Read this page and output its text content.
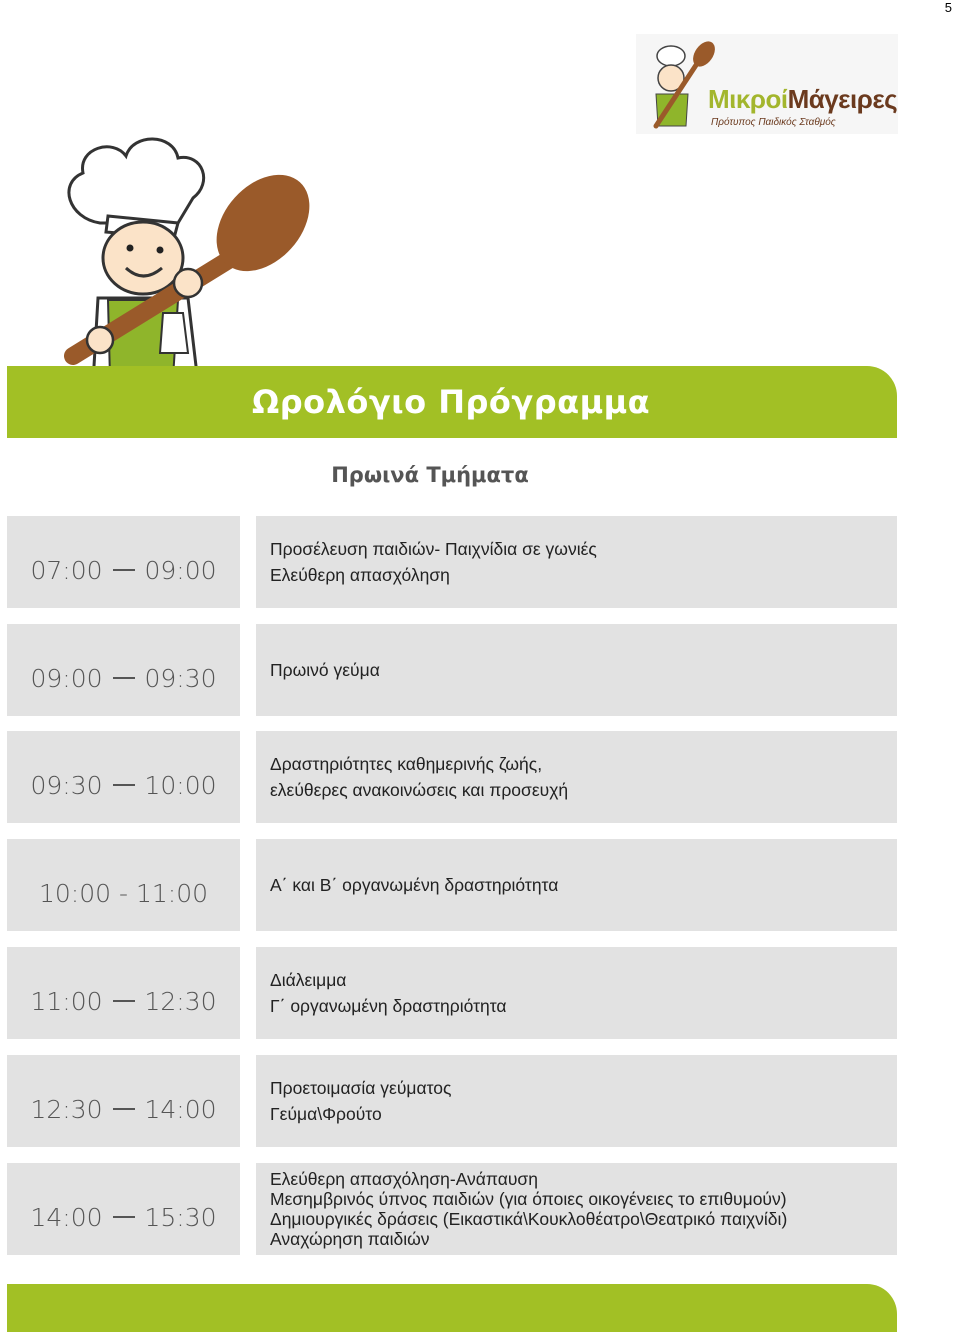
5
ΜικροίΜάγειρες
Πρότυπος Παιδικός Σταθμός
Ωρολόγιο Πρόγραμμα
Πρωινά Τμήματα
07:00 09:00
Προσέλευση παιδιών- Παιχνίδια σε γωνιές
Ελεύθερη απασχόληση
09:00 09:30	Πρωινό γεύμα
09:30 10:00
Δραστηριότητες καθημερινής ζωής,
ελεύθερες ανακοινώσεις και προσευχή
10:00
-
11:00	Α΄ και Β΄ οργανωμένη δραστηριότητα
11:00 12:30
Διάλειμμα
Γ΄ οργανωμένη δραστηριότητα
12:30 14:00
Προετοιμασία γεύματος
Γεύμα\Φρούτο
14:00 15:30
Ελεύθερη απασχόληση-Ανάπαυση
Μεσημβρινός ύπνος παιδιών (για όποιες οικογένειες το επιθυμούν)
Δημιουργικές δράσεις (Εικαστικά\Κουκλοθέατρο\Θεατρικό παιχνίδι)
Αναχώρηση παιδιών
